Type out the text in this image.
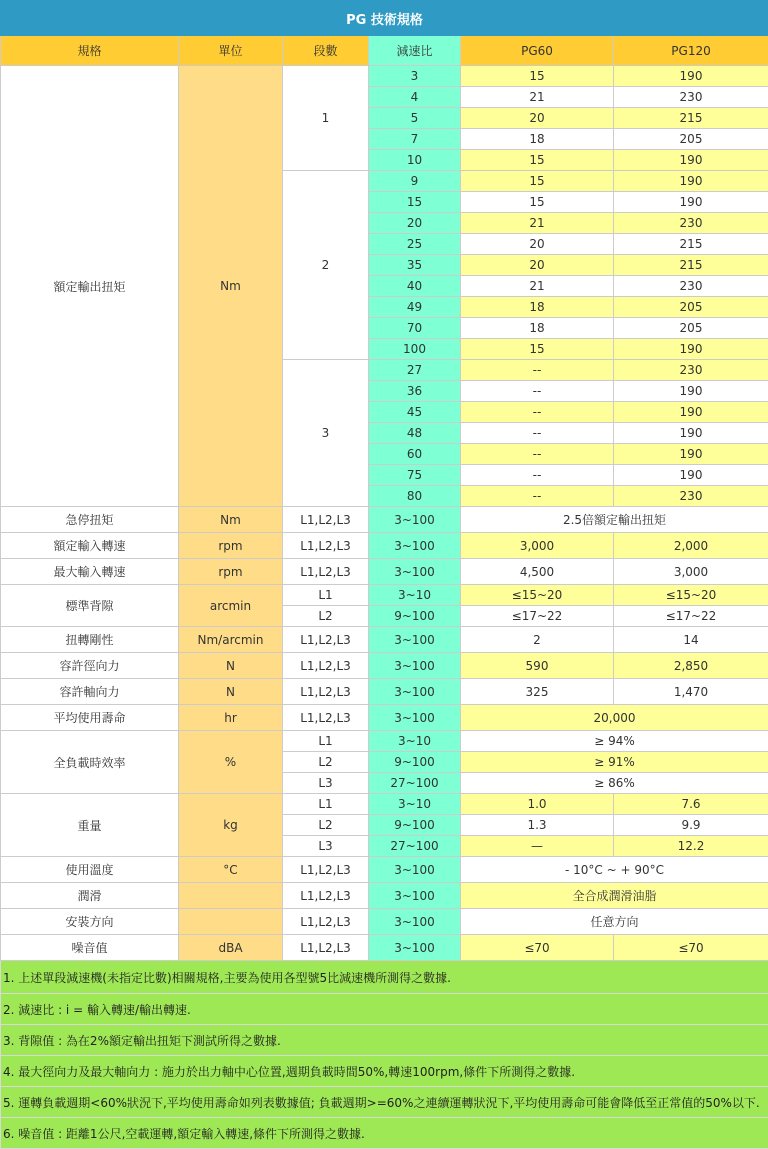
PG 技術規格					
規格	單位	段數	減速比	PG60	PG120
額定輸出扭矩	Nm	1	3	15	190
			4	21	230
			5	20	215
			7	18	205
			10	15	190
		2	9	15	190
			15	15	190
			20	21	230
			25	20	215
			35	20	215
			40	21	230
			49	18	205
			70	18	205
			100	15	190
		3	27	--	230
			36	--	190
			45	--	190
			48	--	190
			60	--	190
			75	--	190
			80	--	230
急停扭矩	Nm	L1,L2,L3	3~100	2.5倍額定輸出扭矩	
額定輸入轉速	rpm	L1,L2,L3	3~100	3,000	2,000
最大輸入轉速	rpm	L1,L2,L3	3~100	4,500	3,000
標準背隙	arcmin	L1	3~10	≤15~20	≤15~20
		L2	9~100	≤17~22	≤17~22
扭轉剛性	Nm/arcmin	L1,L2,L3	3~100	2	14
容許徑向力	N	L1,L2,L3	3~100	590	2,850
容許軸向力	N	L1,L2,L3	3~100	325	1,470
平均使用壽命	hr	L1,L2,L3	3~100	20,000	
全負載時效率	%	L1	3~10	≥ 94%	
		L2	9~100	≥ 91%	
		L3	27~100	≥ 86%	
重量	kg	L1	3~10	1.0	7.6
		L2	9~100	1.3	9.9
		L3	27~100	—	12.2
使用溫度	°C	L1,L2,L3	3~100	- 10°C ~ + 90°C	
潤滑		L1,L2,L3	3~100	全合成潤滑油脂	
安裝方向		L1,L2,L3	3~100	任意方向	
噪音值	dBA	L1,L2,L3	3~100	≤70	≤70
1. 上述單段減速機(未指定比數)相關規格,主要為使用各型號5比減速機所測得之數據.					
2. 減速比 : i = 輸入轉速/輸出轉速.					
3. 背隙值 : 為在2%額定輸出扭矩下測試所得之數據.					
4. 最大徑向力及最大軸向力 : 施力於出力軸中心位置,週期負載時間50%,轉速100rpm,條件下所測得之數據.					
5. 運轉負載週期<60%狀況下,平均使用壽命如列表數據值; 負載週期>=60%之連續運轉狀況下,平均使用壽命可能會降低至正常值的50%以下.					
6. 噪音值 : 距離1公尺,空載運轉,額定輸入轉速,條件下所測得之數據.					
